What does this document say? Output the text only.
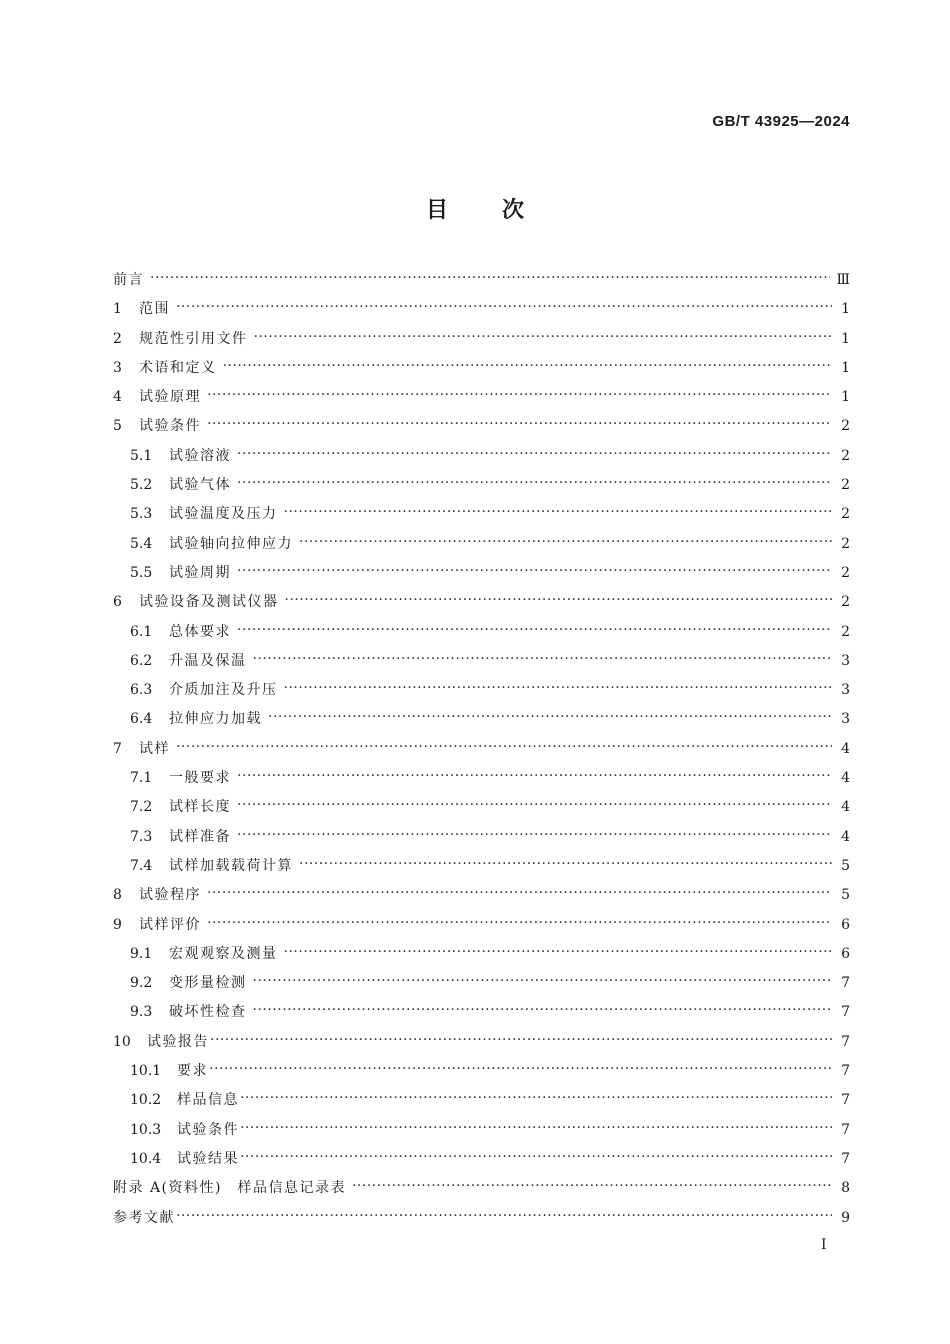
GB/T 43925—2024
目次
前言 ·····	Ⅲ
1	范围 ·····	1
2	规范性引用文件 ·····	1
3	术语和定义 ·····	1
4	试验原理 ·····	1
5	试验条件 ·····	2
5.1	试验溶液 ·····	2
5.2	试验气体 ·····	2
5.3	试验温度及压力 ·····	2
5.4	试验轴向拉伸应力 ·····	2
5.5	试验周期 ·····	2
6	试验设备及测试仪器 ·····	2
6.1	总体要求 ·····	2
6.2	升温及保温 ·····	3
6.3	介质加注及升压 ·····	3
6.4	拉伸应力加载 ·····	3
7	试样 ·····	4
7.1	一般要求 ·····	4
7.2	试样长度 ·····	4
7.3	试样准备 ·····	4
7.4	试样加载载荷计算 ·····	5
8	试验程序 ·····	5
9	试样评价 ·····	6
9.1	宏观观察及测量 ·····	6
9.2	变形量检测 ·····	7
9.3	破坏性检查 ·····	7
10	试验报告 ·····	7
10.1	要求 ·····	7
10.2	样品信息 ·····	7
10.3	试验条件 ·····	7
10.4	试验结果 ·····	7
附录 A(资料性)　样品信息记录表 ·····	8
参考文献 ·····	9
I
